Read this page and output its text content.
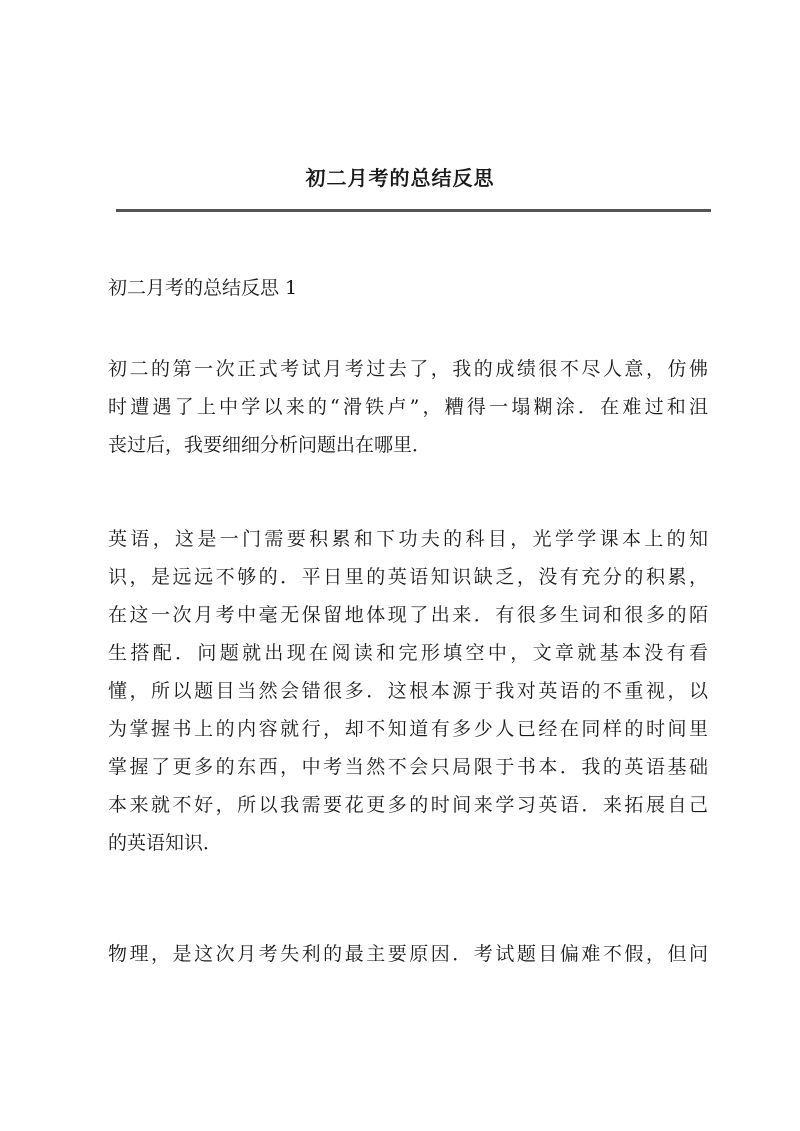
初二月考的总结反思
初二月考的总结反思 1
初二的第一次正式考试月考过去了，我的成绩很不尽人意，仿佛
时遭遇了上中学以来的“滑铁卢”，糟得一塌糊涂．在难过和沮
丧过后，我要细细分析问题出在哪里．
英语，这是一门需要积累和下功夫的科目，光学学课本上的知
识，是远远不够的．平日里的英语知识缺乏，没有充分的积累，
在这一次月考中毫无保留地体现了出来．有很多生词和很多的陌
生搭配．问题就出现在阅读和完形填空中，文章就基本没有看
懂，所以题目当然会错很多．这根本源于我对英语的不重视，以
为掌握书上的内容就行，却不知道有多少人已经在同样的时间里
掌握了更多的东西，中考当然不会只局限于书本．我的英语基础
本来就不好，所以我需要花更多的时间来学习英语．来拓展自己
的英语知识．
物理，是这次月考失利的最主要原因．考试题目偏难不假，但问
